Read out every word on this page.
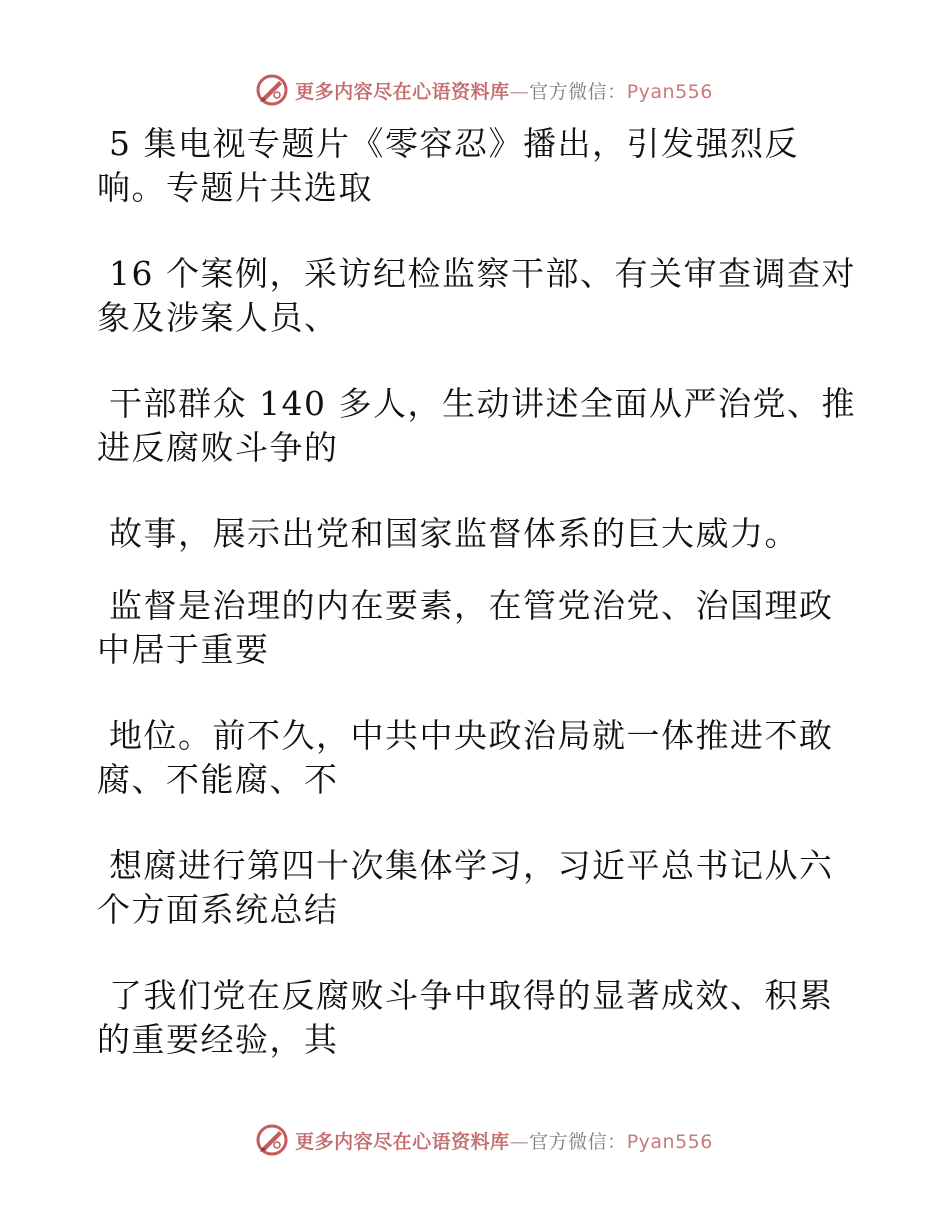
更多内容尽在心语资料库—官方微信：Pyan556

5 集电视专题片《零容忍》播出，引发强烈反
响。专题片共选取

16 个案例，采访纪检监察干部、有关审查调查对
象及涉案人员、

干部群众 140 多人，生动讲述全面从严治党、推
进反腐败斗争的

故事，展示出党和国家监督体系的巨大威力。

监督是治理的内在要素，在管党治党、治国理政
中居于重要

地位。前不久，中共中央政治局就一体推进不敢
腐、不能腐、不

想腐进行第四十次集体学习，习近平总书记从六
个方面系统总结

了我们党在反腐败斗争中取得的显著成效、积累
的重要经验，其

更多内容尽在心语资料库—官方微信：Pyan556
